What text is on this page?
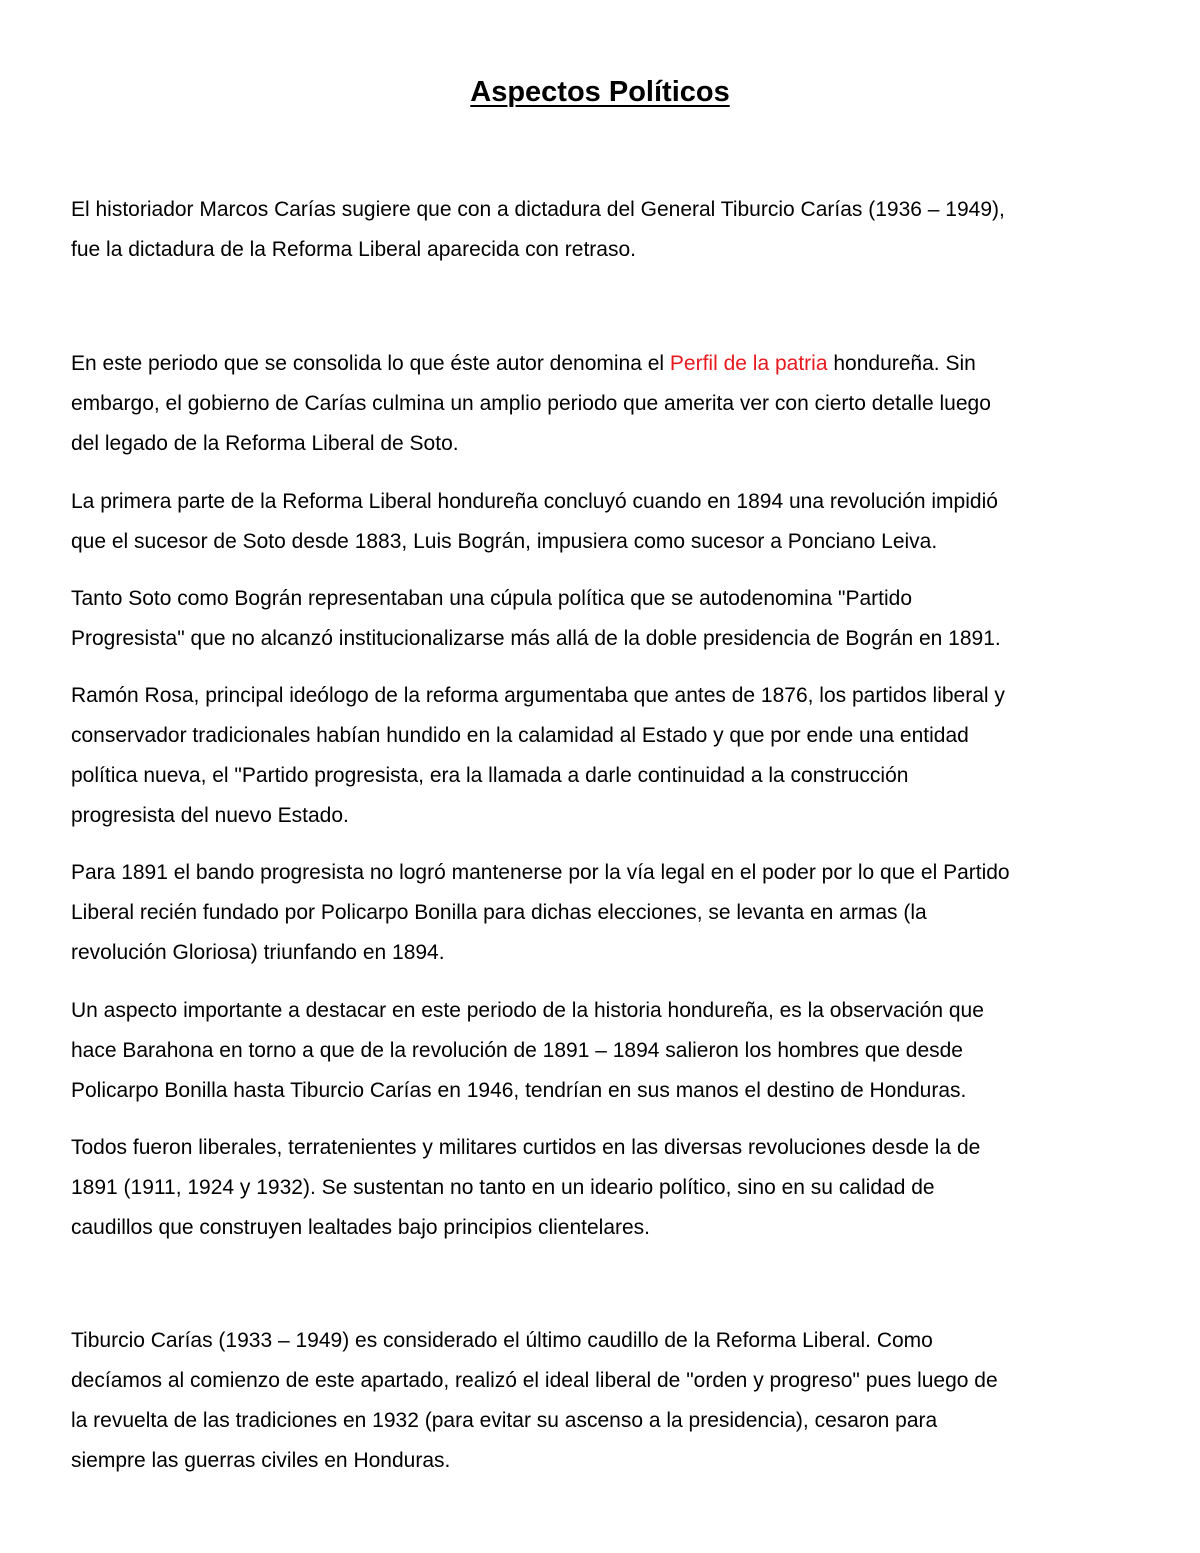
Aspectos Políticos

El historiador Marcos Carías sugiere que con a dictadura del General Tiburcio Carías (1936 – 1949),
fue la dictadura de la Reforma Liberal aparecida con retraso.

En este periodo que se consolida lo que éste autor denomina el Perfil de la patria hondureña. Sin
embargo, el gobierno de Carías culmina un amplio periodo que amerita ver con cierto detalle luego
del legado de la Reforma Liberal de Soto.

La primera parte de la Reforma Liberal hondureña concluyó cuando en 1894 una revolución impidió
que el sucesor de Soto desde 1883, Luis Bográn, impusiera como sucesor a Ponciano Leiva.

Tanto Soto como Bográn representaban una cúpula política que se autodenomina "Partido
Progresista" que no alcanzó institucionalizarse más allá de la doble presidencia de Bográn en 1891.

Ramón Rosa, principal ideólogo de la reforma argumentaba que antes de 1876, los partidos liberal y
conservador tradicionales habían hundido en la calamidad al Estado y que por ende una entidad
política nueva, el "Partido progresista, era la llamada a darle continuidad a la construcción
progresista del nuevo Estado.

Para 1891 el bando progresista no logró mantenerse por la vía legal en el poder por lo que el Partido
Liberal recién fundado por Policarpo Bonilla para dichas elecciones, se levanta en armas (la
revolución Gloriosa) triunfando en 1894.

Un aspecto importante a destacar en este periodo de la historia hondureña, es la observación que
hace Barahona en torno a que de la revolución de 1891 – 1894 salieron los hombres que desde
Policarpo Bonilla hasta Tiburcio Carías en 1946, tendrían en sus manos el destino de Honduras.

Todos fueron liberales, terratenientes y militares curtidos en las diversas revoluciones desde la de
1891 (1911, 1924 y 1932). Se sustentan no tanto en un ideario político, sino en su calidad de
caudillos que construyen lealtades bajo principios clientelares.

Tiburcio Carías (1933 – 1949) es considerado el último caudillo de la Reforma Liberal. Como
decíamos al comienzo de este apartado, realizó el ideal liberal de "orden y progreso" pues luego de
la revuelta de las tradiciones en 1932 (para evitar su ascenso a la presidencia), cesaron para
siempre las guerras civiles en Honduras.
